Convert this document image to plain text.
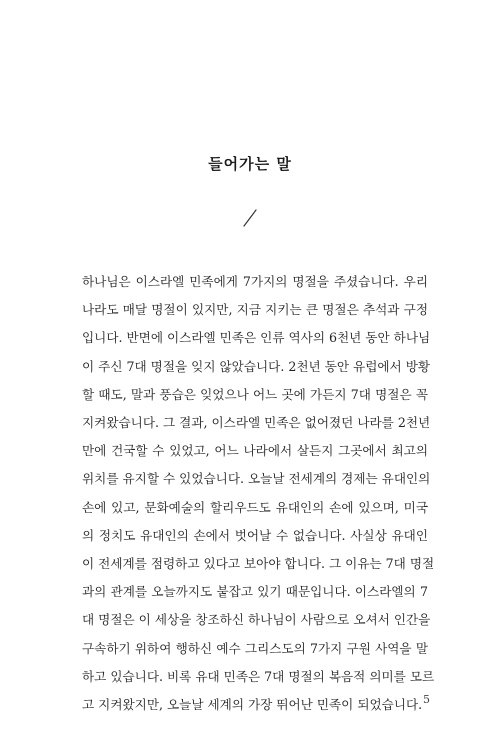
들어가는 말
하나님은 이스라엘 민족에게 7가지의 명절을 주셨습니다. 우리
나라도 매달 명절이 있지만, 지금 지키는 큰 명절은 추석과 구정
입니다. 반면에 이스라엘 민족은 인류 역사의 6천년 동안 하나님
이 주신 7대 명절을 잊지 않았습니다. 2천년 동안 유럽에서 방황
할 때도, 말과 풍습은 잊었으나 어느 곳에 가든지 7대 명절은 꼭
지켜왔습니다. 그 결과, 이스라엘 민족은 없어졌던 나라를 2천년
만에 건국할 수 있었고, 어느 나라에서 살든지 그곳에서 최고의
위치를 유지할 수 있었습니다. 오늘날 전세계의 경제는 유대인의
손에 있고, 문화예술의 할리우드도 유대인의 손에 있으며, 미국
의 정치도 유대인의 손에서 벗어날 수 없습니다. 사실상 유대인
이 전세계를 점령하고 있다고 보아야 합니다. 그 이유는 7대 명절
과의 관계를 오늘까지도 붙잡고 있기 때문입니다. 이스라엘의 7
대 명절은 이 세상을 창조하신 하나님이 사람으로 오셔서 인간을
구속하기 위하여 행하신 예수 그리스도의 7가지 구원 사역을 말
하고 있습니다. 비록 유대 민족은 7대 명절의 복음적 의미를 모르
고 지켜왔지만, 오늘날 세계의 가장 뛰어난 민족이 되었습니다. 5
